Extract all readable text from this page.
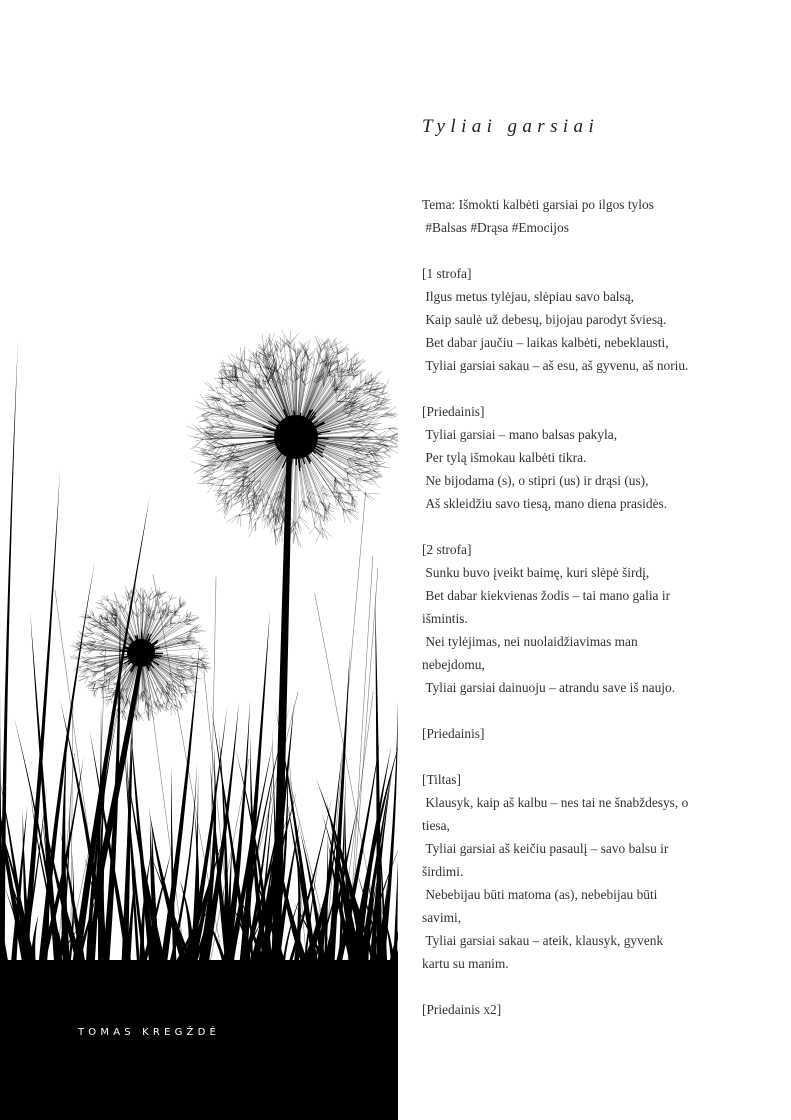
TOMAS KREGŽDĖ
Tyliai garsiai
Tema: Išmokti kalbėti garsiai po ilgos tylos
#Balsas #Drąsa #Emocijos
[1 strofa]
Ilgus metus tylėjau, slėpiau savo balsą,
Kaip saulė už debesų, bijojau parodyt šviesą.
Bet dabar jaučiu – laikas kalbėti, nebeklausti,
Tyliai garsiai sakau – aš esu, aš gyvenu, aš noriu.
[Priedainis]
Tyliai garsiai – mano balsas pakyla,
Per tylą išmokau kalbėti tikra.
Ne bijodama (s), o stipri (us) ir drąsi (us),
Aš skleidžiu savo tiesą, mano diena prasidės.
[2 strofa]
Sunku buvo įveikt baimę, kuri slėpė širdį,
Bet dabar kiekvienas žodis – tai mano galia ir išmintis.
Nei tylėjimas, nei nuolaidžiavimas man nebejdomu,
Tyliai garsiai dainuoju – atrandu save iš naujo.
[Priedainis]
[Tiltas]
Klausyk, kaip aš kalbu – nes tai ne šnabždesys, o tiesa,
Tyliai garsiai aš keičiu pasaulį – savo balsu ir širdimi.
Nebebijau būti matoma (as), nebebijau būti savimi,
Tyliai garsiai sakau – ateik, klausyk, gyvenk kartu su manim.
[Priedainis x2]
